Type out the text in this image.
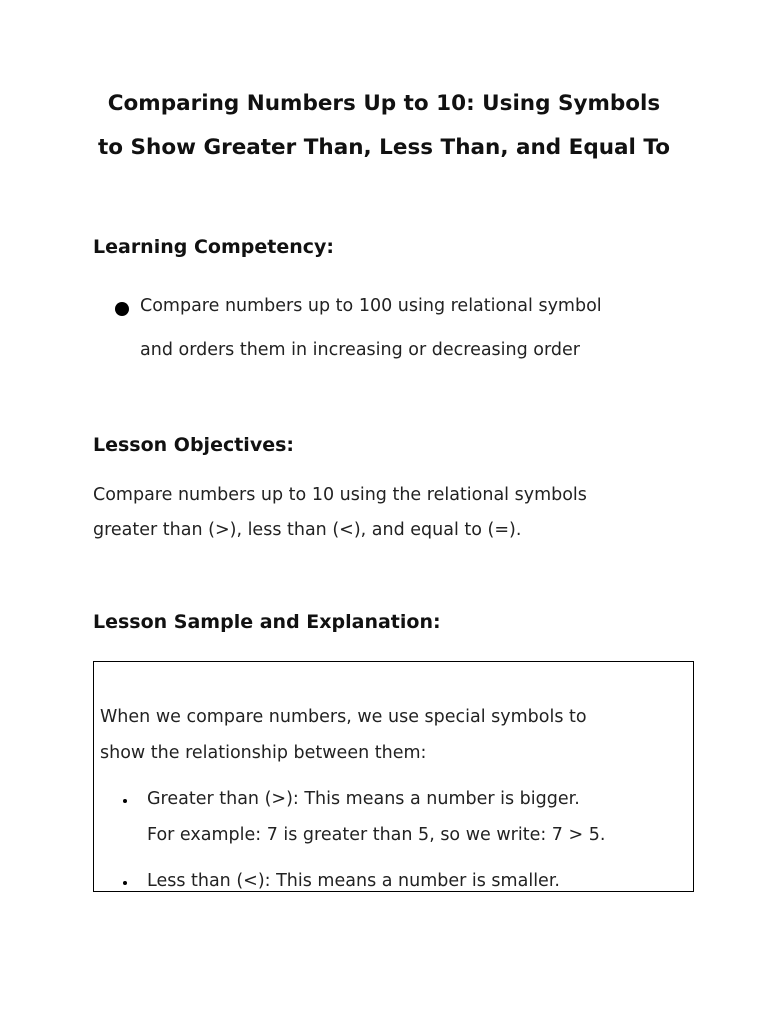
Comparing Numbers Up to 10: Using Symbols
to Show Greater Than, Less Than, and Equal To
Learning Competency:

Compare numbers up to 100 using relational symbol

and orders them in increasing or decreasing order

Lesson Objectives:

Compare numbers up to 10 using the relational symbols

greater than (>), less than (<), and equal to (=).

Lesson Sample and Explanation:

When we compare numbers, we use special symbols to

show the relationship between them:

Greater than (>): This means a number is bigger.

For example: 7 is greater than 5, so we write: 7 > 5.

Less than (<): This means a number is smaller.
